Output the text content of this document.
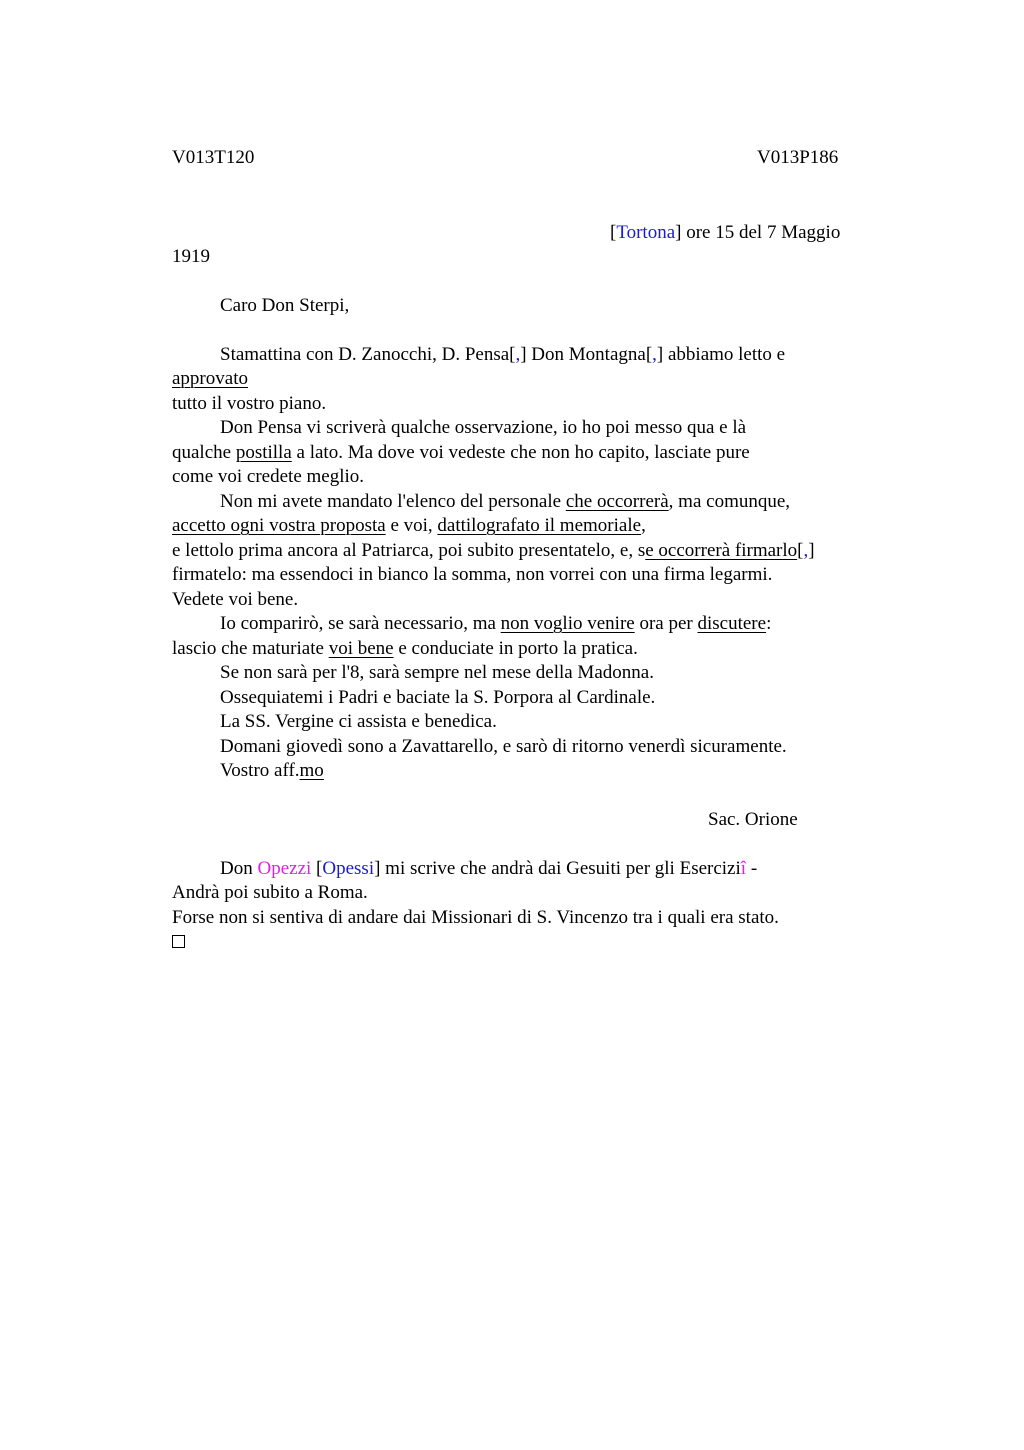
V013T120	V013P186
[Tortona] ore 15 del 7 Maggio
1919
Caro Don Sterpi,
Stamattina con D. Zanocchi, D. Pensa[,] Don Montagna[,] abbiamo letto e
approvato
tutto il vostro piano.
Don Pensa vi scriverà qualche osservazione, io ho poi messo qua e là
qualche postilla a lato. Ma dove voi vedeste che non ho capito, lasciate pure
come voi credete meglio.
Non mi avete mandato l'elenco del personale che occorrerà, ma comunque,
accetto ogni vostra proposta e voi, dattilografato il memoriale,
e lettolo prima ancora al Patriarca, poi subito presentatelo, e, se occorrerà firmarlo[,]
firmatelo: ma essendoci in bianco la somma, non vorrei con una firma legarmi.
Vedete voi bene.
Io comparirò, se sarà necessario, ma non voglio venire ora per discutere:
lascio che maturiate voi bene e conduciate in porto la pratica.
Se non sarà per l'8, sarà sempre nel mese della Madonna.
Ossequiatemi i Padri e baciate la S. Porpora al Cardinale.
La SS. Vergine ci assista e benedica.
Domani giovedì sono a Zavattarello, e sarò di ritorno venerdì sicuramente.
Vostro aff.mo
Sac. Orione
Don Opezzi [Opessi] mi scrive che andrà dai Gesuiti per gli Eserciziî -
Andrà poi subito a Roma.
Forse non si sentiva di andare dai Missionari di S. Vincenzo tra i quali era stato.
